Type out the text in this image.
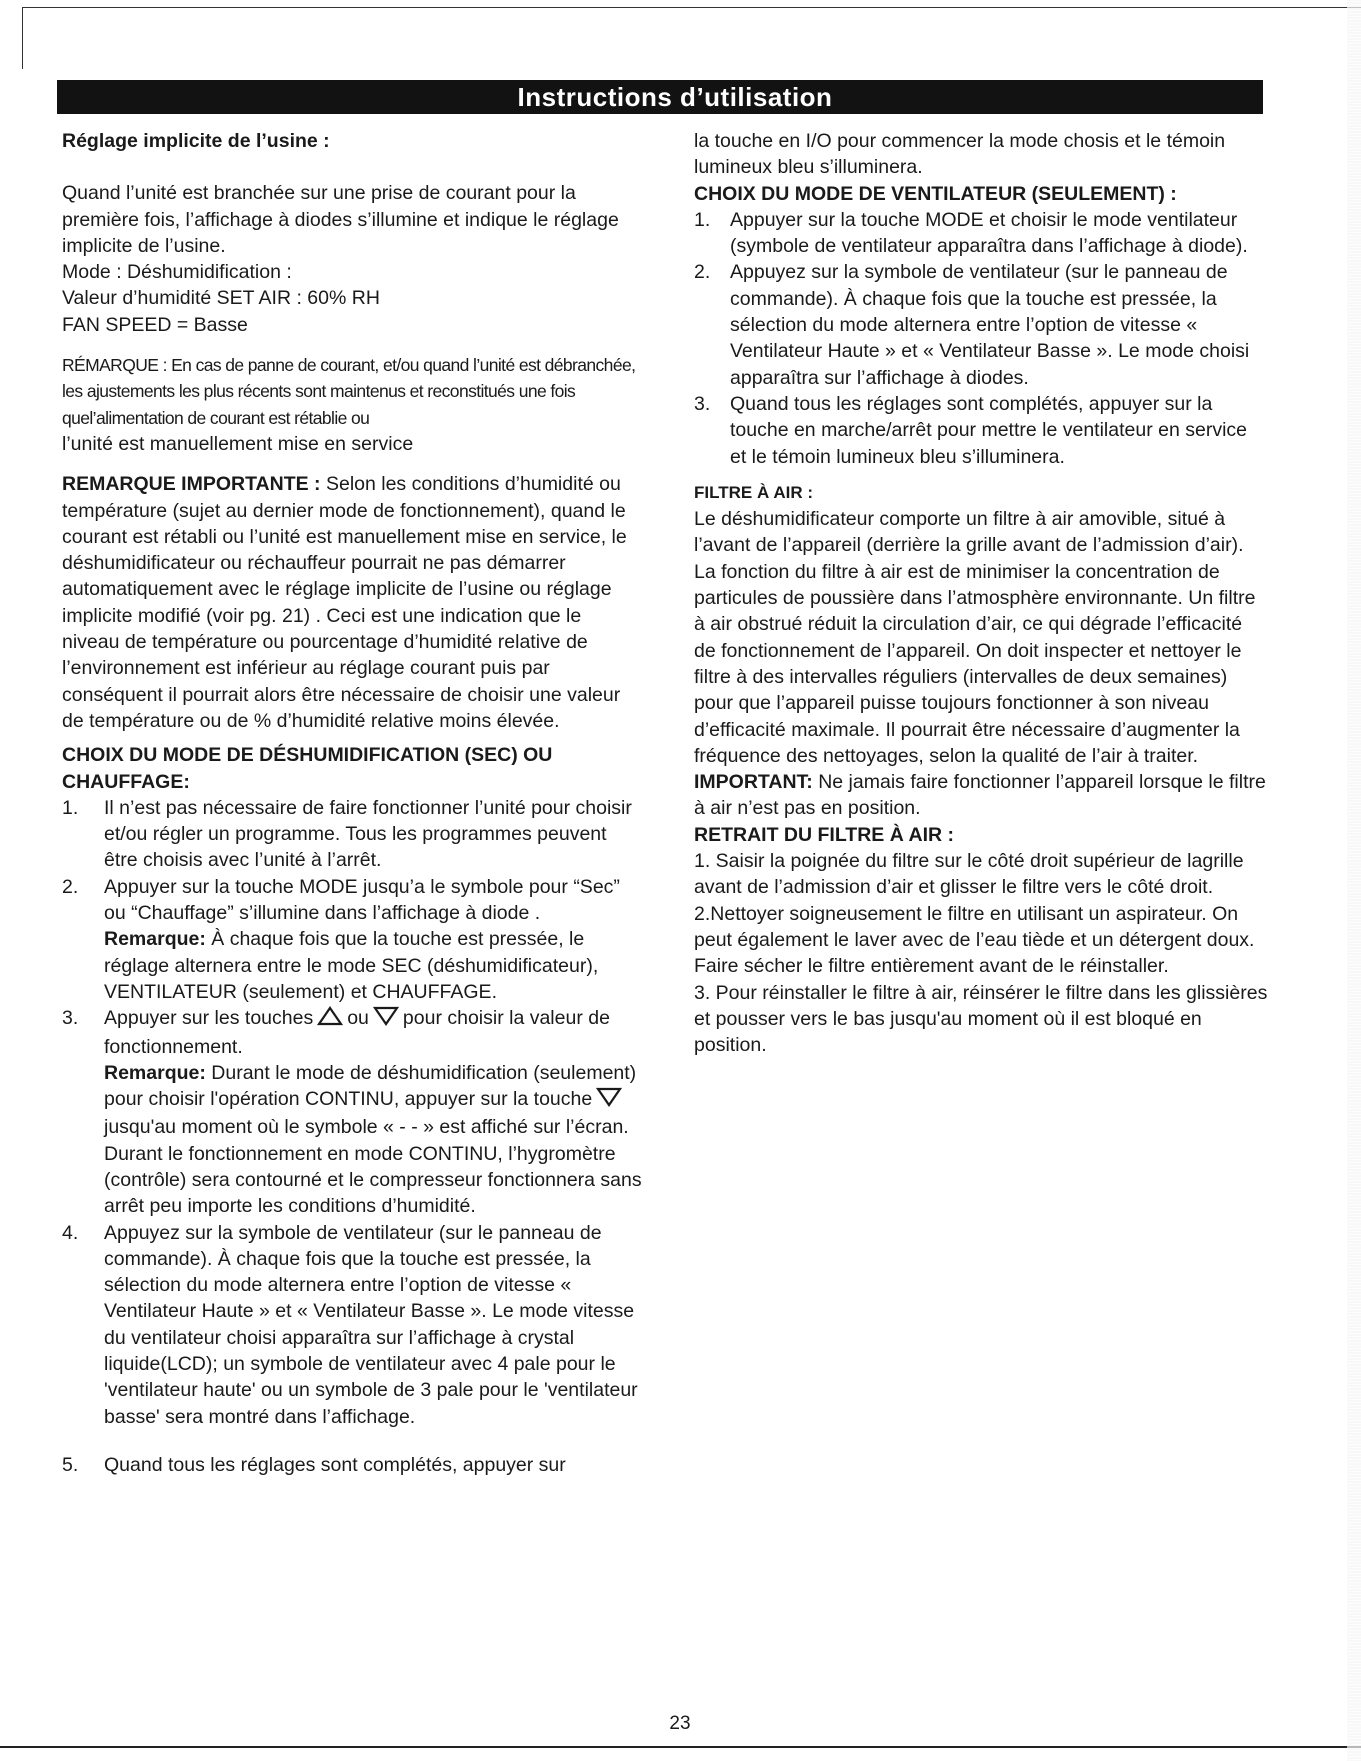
Instructions d’utilisation

Réglage implicite de l’usine :

Quand l’unité est branchée sur une prise de courant pour la première fois, l’affichage à diodes s’illumine et indique le réglage implicite de l’usine.

Mode : Déshumidification :

Valeur d’humidité SET AIR : 60% RH

FAN SPEED = Basse

RÉMARQUE : En cas de panne de courant, et/ou quand l’unité est débranchée, les ajustements les plus récents sont maintenus et reconstitués une fois quel’alimentation de courant est rétablie ou

l’unité est manuellement mise en service

REMARQUE IMPORTANTE : Selon les conditions d’humidité ou température (sujet au dernier mode de fonctionnement), quand le courant est rétabli ou l’unité est manuellement mise en service, le déshumidificateur ou réchauffeur pourrait ne pas démarrer automatiquement avec le réglage implicite de l’usine ou réglage implicite modifié (voir pg. 21) . Ceci est une indication que le niveau de température ou pourcentage d’humidité relative de l’environnement est inférieur au réglage courant puis par conséquent il pourrait alors être nécessaire de choisir une valeur de température ou de % d’humidité relative moins élevée.

CHOIX DU MODE DE DÉSHUMIDIFICATION (SEC) OU CHAUFFAGE:

1.	Il n’est pas nécessaire de faire fonctionner l’unité pour choisir et/ou régler un programme. Tous les programmes peuvent être choisis avec l’unité à l’arrêt.
2.	Appuyer sur la touche MODE jusqu’a le symbole pour “Sec” ou “Chauffage” s’illumine dans l’affichage à diode . Remarque: À chaque fois que la touche est pressée, le réglage alternera entre le mode SEC (déshumidificateur), VENTILATEUR (seulement) et CHAUFFAGE.
3.	Appuyer sur les touches ou pour choisir la valeur de fonctionnement.
Remarque: Durant le mode de déshumidification (seulement) pour choisir l'opération CONTINU, appuyer sur la touchejusqu'au moment où le symbole « - - » est affiché sur l’écran. Durant le fonctionnement en mode CONTINU, l’hygromètre (contrôle) sera contourné et le compresseur fonctionnera sans arrêt peu importe les conditions d’humidité.
4.	Appuyez sur la symbole de ventilateur (sur le panneau de commande). À chaque fois que la touche est pressée, la sélection du mode alternera entre l’option de vitesse « Ventilateur Haute » et « Ventilateur Basse ». Le mode vitesse du ventilateur choisi apparaîtra sur l’affichage à crystal liquide(LCD); un symbole de ventilateur avec 4 pale pour le 'ventilateur haute' ou un symbole de 3 pale pour le 'ventilateur basse' sera montré dans l’affichage.
5.	Quand tous les réglages sont complétés, appuyer sur

la touche en I/O pour commencer la mode chosis et le témoin lumineux bleu s’illuminera.

CHOIX DU MODE DE VENTILATEUR (SEULEMENT) :

1.	Appuyer sur la touche MODE et choisir le mode ventilateur (symbole de ventilateur apparaîtra dans l’affichage à diode).
2.	Appuyez sur la symbole de ventilateur (sur le panneau de commande). À chaque fois que la touche est pressée, la sélection du mode alternera entre l’option de vitesse « Ventilateur Haute » et « Ventilateur Basse ». Le mode choisi apparaîtra sur l’affichage à diodes.
3.	Quand tous les réglages sont complétés, appuyer sur la touche en marche/arrêt pour mettre le ventilateur en service et le témoin lumineux bleu s’illuminera.

FILTRE À AIR :

Le déshumidificateur comporte un filtre à air amovible, situé à l’avant de l’appareil (derrière la grille avant de l’admission d’air). La fonction du filtre à air est de minimiser la concentration de particules de poussière dans l’atmosphère environnante. Un filtre à air obstrué réduit la circulation d’air, ce qui dégrade l’efficacité de fonctionnement de l’appareil. On doit inspecter et nettoyer le filtre à des intervalles réguliers (intervalles de deux semaines) pour que l’appareil puisse toujours fonctionner à son niveau d’efficacité maximale. Il pourrait être nécessaire d’augmenter la fréquence des nettoyages, selon la qualité de l’air à traiter.

IMPORTANT: Ne jamais faire fonctionner l’appareil lorsque le filtre à air n’est pas en position.

RETRAIT DU FILTRE À AIR :

1. Saisir la poignée du filtre sur le côté droit supérieur de lagrille avant de l’admission d’air et glisser le filtre vers le côté droit.

2.Nettoyer soigneusement le filtre en utilisant un aspirateur. On peut également le laver avec de l’eau tiède et un détergent doux. Faire sécher le filtre entièrement avant de le réinstaller.

3. Pour réinstaller le filtre à air, réinsérer le filtre dans les glissières et pousser vers le bas jusqu'au moment où il est bloqué en position.

23
